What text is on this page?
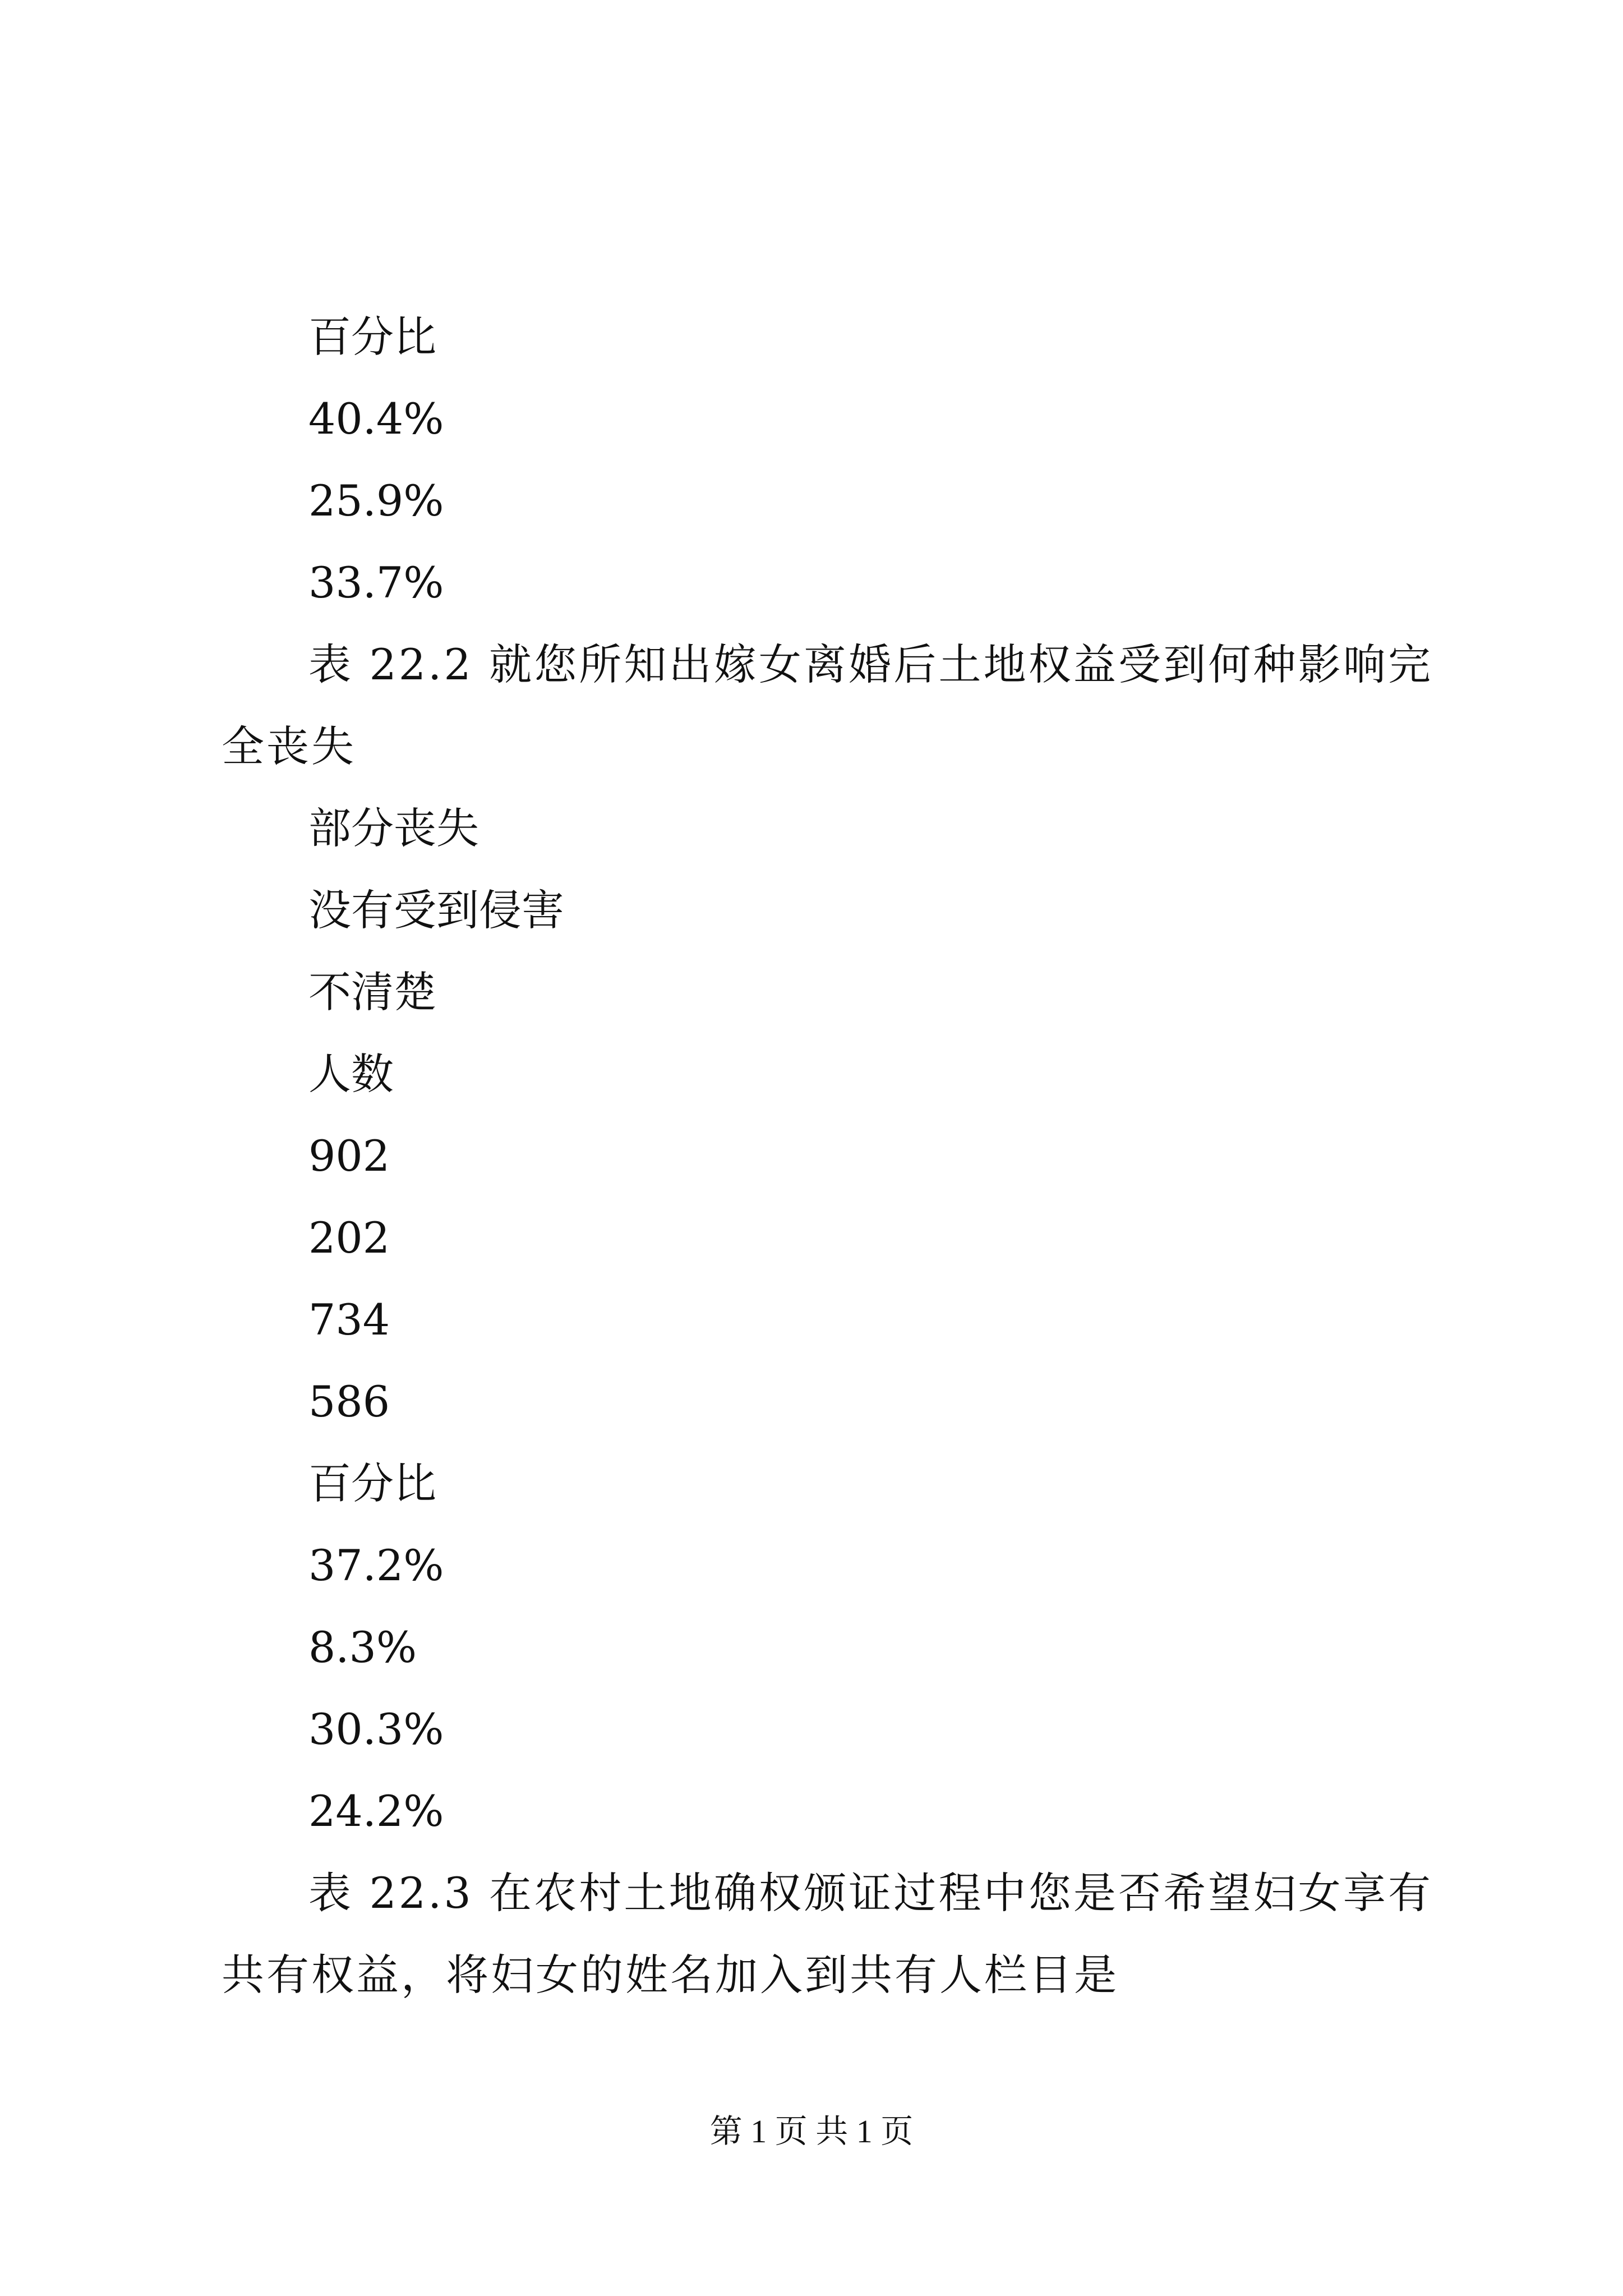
百分比
40.4%
25.9%
33.7%
表 22.2 就您所知出嫁女离婚后土地权益受到何种影响完全丧失
部分丧失
没有受到侵害
不清楚
人数
902
202
734
586
百分比
37.2%
8.3%
30.3%
24.2%
表 22.3 在农村土地确权颁证过程中您是否希望妇女享有共有权益，将妇女的姓名加入到共有人栏目是
第 1 页 共 1 页
